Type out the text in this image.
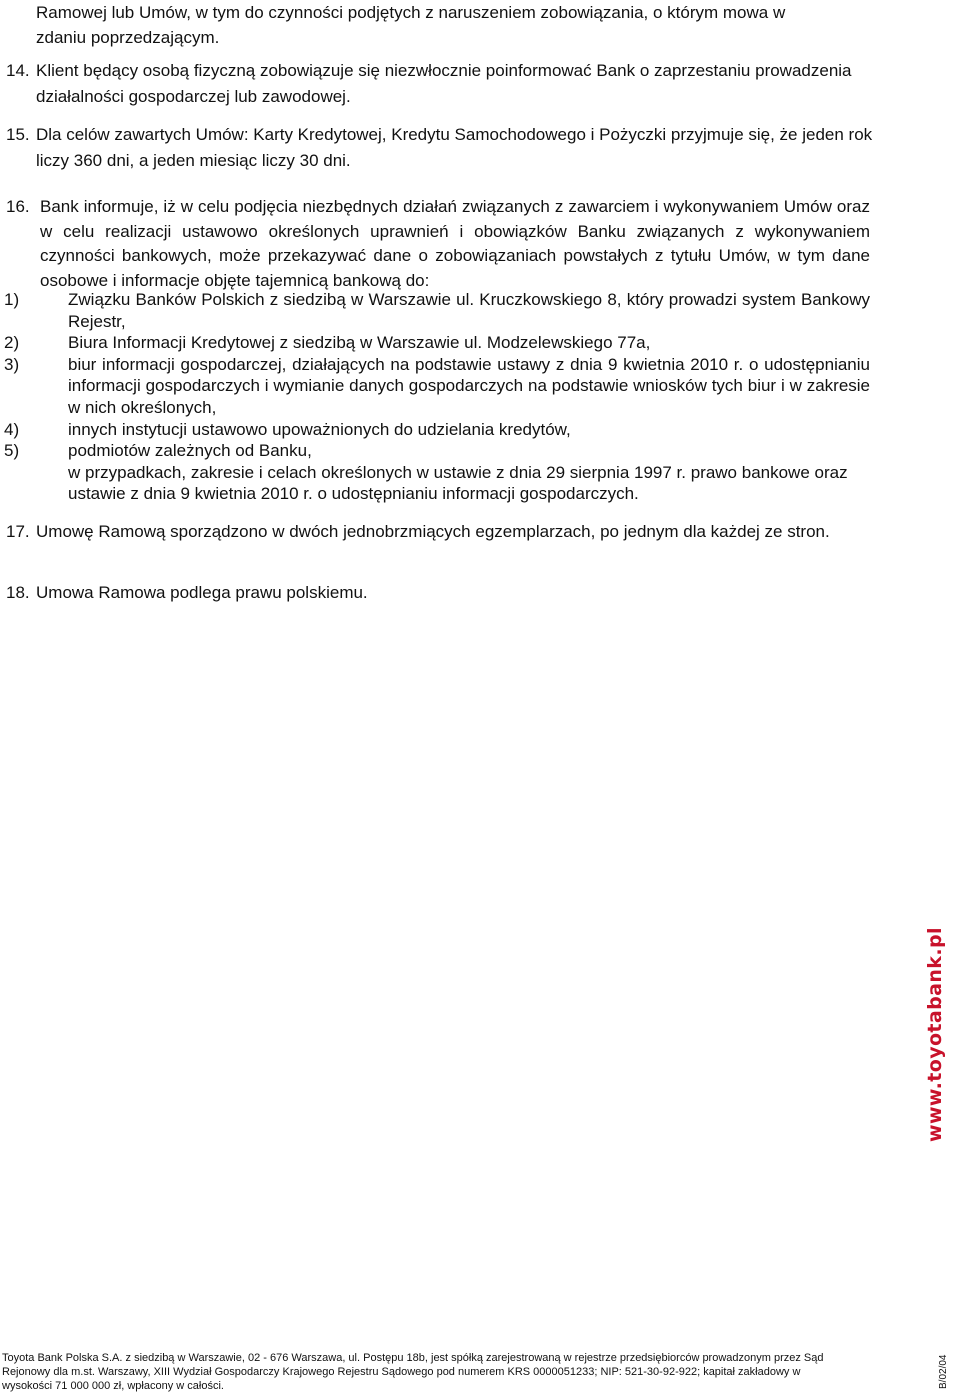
Ramowej lub Umów, w tym do czynności podjętych z naruszeniem zobowiązania, o którym mowa w
zdaniu poprzedzającym.
14. Klient będący osobą fizyczną zobowiązuje się niezwłocznie poinformować Bank o zaprzestaniu prowadzenia działalności gospodarczej lub zawodowej.
15. Dla celów zawartych Umów: Karty Kredytowej, Kredytu Samochodowego i Pożyczki przyjmuje się, że jeden rok liczy 360 dni, a jeden miesiąc liczy 30 dni.
16. Bank informuje, iż w celu podjęcia niezbędnych działań związanych z zawarciem i wykonywaniem Umów oraz w celu realizacji ustawowo określonych uprawnień i obowiązków Banku związanych z wykonywaniem czynności bankowych, może przekazywać dane o zobowiązaniach powstałych z tytułu Umów, w tym dane osobowe i informacje objęte tajemnicą bankową do:
1)	Związku Banków Polskich z siedzibą w Warszawie ul. Kruczkowskiego 8, który prowadzi system Bankowy Rejestr,
2)	Biura Informacji Kredytowej z siedzibą w Warszawie ul. Modzelewskiego 77a,
3)	biur informacji gospodarczej, działających na podstawie ustawy z dnia 9 kwietnia 2010 r. o udostępnianiu informacji gospodarczych i wymianie danych gospodarczych na podstawie wniosków tych biur i w zakresie w nich określonych,
4)	innych instytucji ustawowo upoważnionych do udzielania kredytów,
5)	podmiotów zależnych od Banku,
w przypadkach, zakresie i celach określonych w ustawie z dnia 29 sierpnia 1997 r. prawo bankowe oraz ustawie z dnia 9 kwietnia 2010 r. o udostępnianiu informacji gospodarczych.
17. Umowę Ramową sporządzono w dwóch jednobrzmiących egzemplarzach, po jednym dla każdej ze stron.
18. Umowa Ramowa podlega prawu polskiemu.
www.toyotabank.pl
Toyota Bank Polska S.A. z siedzibą w Warszawie, 02 - 676 Warszawa, ul. Postępu 18b, jest spółką zarejestrowaną w rejestrze przedsiębiorców prowadzonym przez Sąd
Rejonowy dla m.st. Warszawy, XIII Wydział Gospodarczy Krajowego Rejestru Sądowego pod numerem KRS 0000051233; NIP: 521-30-92-922; kapitał zakładowy w
wysokości 71 000 000 zł, wpłacony w całości.	B/02/04
